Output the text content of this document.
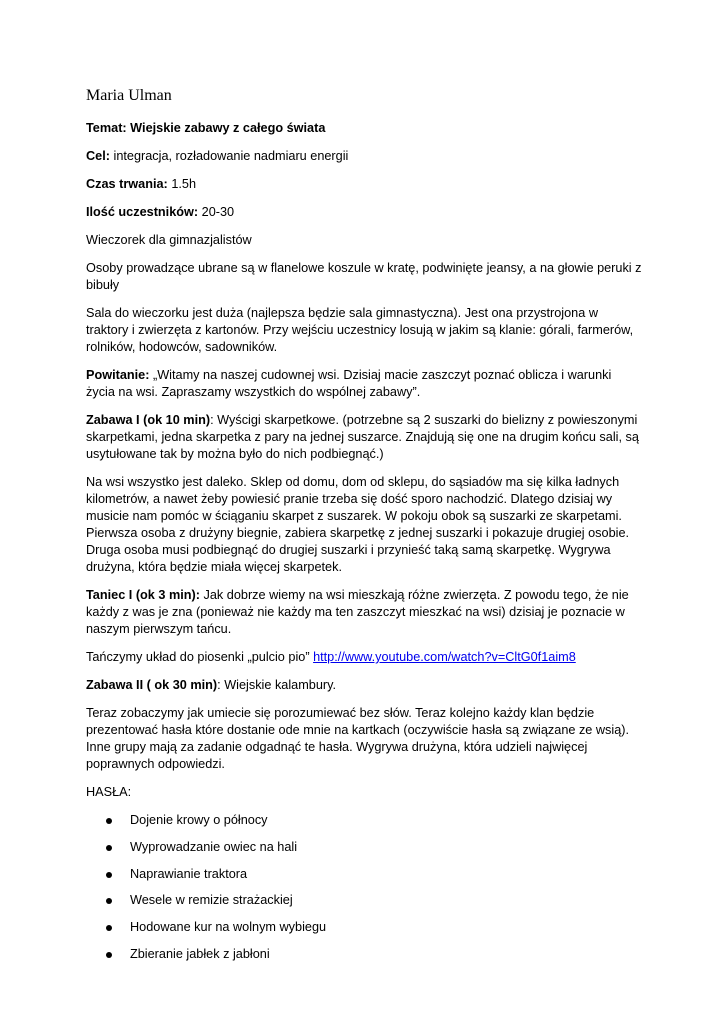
Maria Ulman

Temat: Wiejskie zabawy z całego świata

Cel: integracja, rozładowanie nadmiaru energii

Czas trwania: 1.5h

Ilość uczestników: 20-30

Wieczorek dla gimnazjalistów

Osoby prowadzące ubrane są w flanelowe koszule w kratę, podwinięte jeansy, a na głowie peruki z bibuły

Sala do wieczorku jest duża (najlepsza będzie sala gimnastyczna). Jest ona przystrojona w traktory i zwierzęta z kartonów. Przy wejściu uczestnicy losują w jakim są klanie: górali, farmerów, rolników, hodowców, sadowników.

Powitanie: „Witamy na naszej cudownej wsi. Dzisiaj macie zaszczyt poznać oblicza i warunki życia na wsi. Zapraszamy wszystkich do wspólnej zabawy”.

Zabawa I (ok 10 min): Wyścigi skarpetkowe. (potrzebne są 2 suszarki do bielizny z powieszonymi skarpetkami, jedna skarpetka z pary na jednej suszarce. Znajdują się one na drugim końcu sali, są usytułowane tak by można było do nich podbiegnąć.)

Na wsi wszystko jest daleko. Sklep od domu, dom od sklepu, do sąsiadów ma się kilka ładnych kilometrów, a nawet żeby powiesić pranie trzeba się dość sporo nachodzić. Dlatego dzisiaj wy musicie nam pomóc w ściąganiu skarpet z suszarek. W pokoju obok są suszarki ze skarpetami. Pierwsza osoba z drużyny biegnie, zabiera skarpetkę z jednej suszarki i pokazuje drugiej osobie. Druga osoba musi podbiegnąć do drugiej suszarki i przynieść taką samą skarpetkę. Wygrywa drużyna, która będzie miała więcej skarpetek.

Taniec I (ok 3 min): Jak dobrze wiemy na wsi mieszkają różne zwierzęta. Z powodu tego, że nie każdy z was je zna (ponieważ nie każdy ma ten zaszczyt mieszkać na wsi) dzisiaj je poznacie w naszym pierwszym tańcu.

Tańczymy układ do piosenki „pulcio pio” http://www.youtube.com/watch?v=CltG0f1aim8

Zabawa II ( ok 30 min): Wiejskie kalambury.

Teraz zobaczymy jak umiecie się porozumiewać bez słów. Teraz kolejno każdy klan będzie prezentować hasła które dostanie ode mnie na kartkach (oczywiście hasła są związane ze wsią). Inne grupy mają za zadanie odgadnąć te hasła. Wygrywa drużyna, która udzieli najwięcej poprawnych odpowiedzi.

HASŁA:

Dojenie krowy o północy
Wyprowadzanie owiec na hali
Naprawianie traktora
Wesele w remizie strażackiej
Hodowane kur na wolnym wybiegu
Zbieranie jabłek z jabłoni
